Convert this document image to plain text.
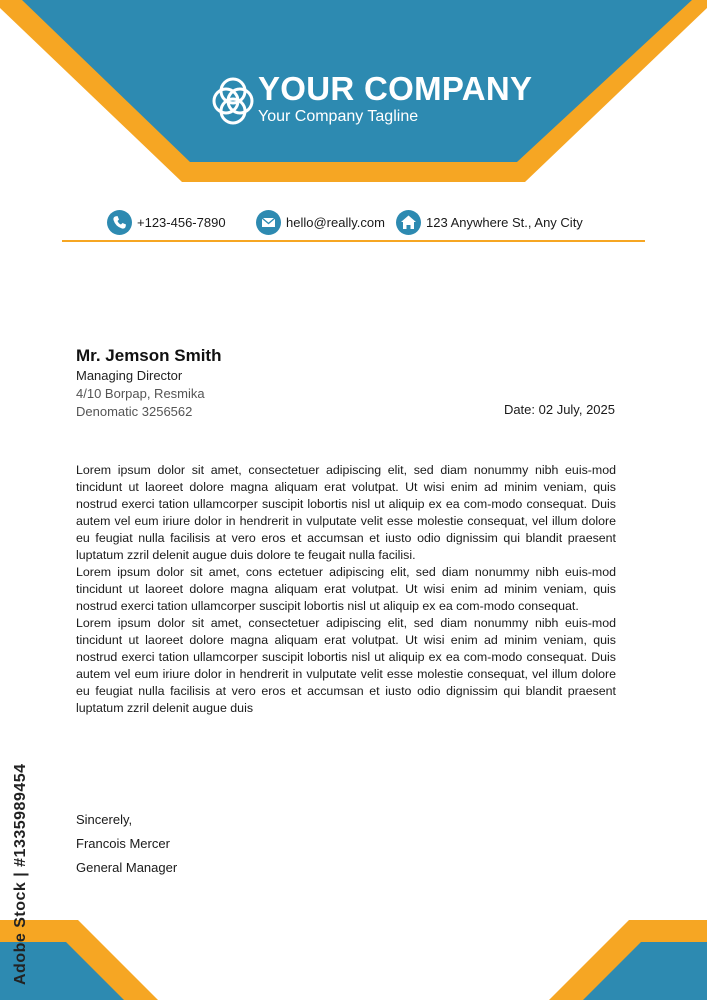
YOUR COMPANY
Your Company Tagline
+123-456-7890	hello@really.com	123 Anywhere St., Any City
Mr. Jemson Smith
Managing Director
4/10 Borpap, Resmika
Denomatic 3256562	Date: 02 July, 2025

Lorem ipsum dolor sit amet, consectetuer adipiscing elit, sed diam nonummy nibh euis-mod tincidunt ut laoreet dolore magna aliquam erat volutpat. Ut wisi enim ad minim veniam, quis nostrud exerci tation ullamcorper suscipit lobortis nisl ut aliquip ex ea com-modo consequat. Duis autem vel eum iriure dolor in hendrerit in vulputate velit esse molestie consequat, vel illum dolore eu feugiat nulla facilisis at vero eros et accumsan et iusto odio dignissim qui blandit praesent luptatum zzril delenit augue duis dolore te feugait nulla facilisi.

Lorem ipsum dolor sit amet, cons ectetuer adipiscing elit, sed diam nonummy nibh euis-mod tincidunt ut laoreet dolore magna aliquam erat volutpat. Ut wisi enim ad minim veniam, quis nostrud exerci tation ullamcorper suscipit lobortis nisl ut aliquip ex ea com-modo consequat.

Lorem ipsum dolor sit amet, consectetuer adipiscing elit, sed diam nonummy nibh euis-mod tincidunt ut laoreet dolore magna aliquam erat volutpat. Ut wisi enim ad minim veniam, quis nostrud exerci tation ullamcorper suscipit lobortis nisl ut aliquip ex ea com-modo consequat. Duis autem vel eum iriure dolor in hendrerit in vulputate velit esse molestie consequat, vel illum dolore eu feugiat nulla facilisis at vero eros et accumsan et iusto odio dignissim qui blandit praesent luptatum zzril delenit augue duis

Sincerely,
Francois Mercer
General Manager
Adobe Stock | #1335989454
